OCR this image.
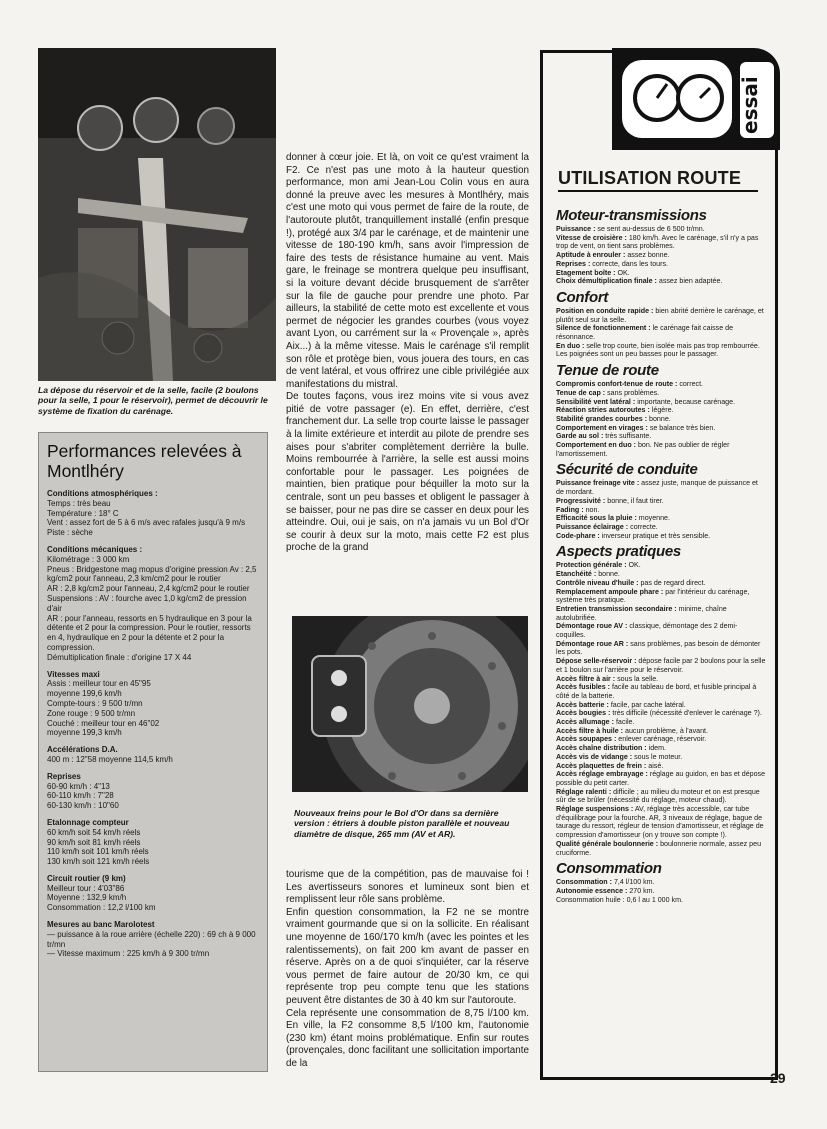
La dépose du réservoir et de la selle, facile (2 boulons pour la selle, 1 pour le réservoir), permet de découvrir le système de fixation du carénage.
Performances relevées à Montlhéry
Conditions atmosphériques :
Temps : très beau
Température : 18° C
Vent : assez fort de 5 à 6 m/s avec rafales jusqu'à 9 m/s
Piste : sèche
Conditions mécaniques :
Kilométrage : 3 000 km
Pneus : Bridgestone mag mopus d'origine pression Av : 2,5 kg/cm2 pour l'anneau, 2,3 km/cm2 pour le routier
AR : 2,8 kg/cm2 pour l'anneau, 2,4 kg/cm2 pour le routier
Suspensions : AV : fourche avec 1,0 kg/cm2 de pression d'air
AR : pour l'anneau, ressorts en 5 hydraulique en 3 pour la détente et 2 pour la compression. Pour le routier, ressorts en 4, hydraulique en 2 pour la détente et 2 pour la compression.
Démultiplication finale : d'origine 17 X 44
Vitesses maxi
Assis : meilleur tour en 45"95
moyenne 199,6 km/h
Compte-tours : 9 500 tr/mn
Zone rouge : 9 500 tr/mn
Couché : meilleur tour en 46"02
moyenne 199,3 km/h
Accélérations D.A.
400 m : 12"58 moyenne 114,5 km/h
Reprises
60-90 km/h : 4"13
60-110 km/h : 7"28
60-130 km/h : 10"60
Etalonnage compteur
60 km/h soit 54 km/h réels
90 km/h soit 81 km/h réels
110 km/h soit 101 km/h réels
130 km/h soit 121 km/h réels
Circuit routier (9 km)
Meilleur tour : 4'03"86
Moyenne : 132,9 km/h
Consommation : 12,2 l/100 km
Mesures au banc Marolotest
— puissance à la roue arrière (échelle 220) : 69 ch à 9 000 tr/mn
— Vitesse maximum : 225 km/h à 9 300 tr/mn

donner à cœur joie. Et là, on voit ce qu'est vraiment la F2. Ce n'est pas une moto à la hauteur question performance, mon ami Jean-Lou Colin vous en aura donné la preuve avec les mesures à Montlhéry, mais c'est une moto qui vous permet de faire de la route, de l'autoroute plutôt, tranquillement installé (enfin presque !), protégé aux 3/4 par le carénage, et de maintenir une vitesse de 180-190 km/h, sans avoir l'impression de faire des tests de résistance humaine au vent. Mais gare, le freinage se montrera quelque peu insuffisant, si la voiture devant décide brusquement de s'arrêter sur la file de gauche pour prendre une photo. Par ailleurs, la stabilité de cette moto est excellente et vous permet de négocier les grandes courbes (vous voyez avant Lyon, ou carrément sur la « Provençale », après Aix...) à la même vitesse. Mais le carénage s'il remplit son rôle et protège bien, vous jouera des tours, en cas de vent latéral, et vous offrirez une cible privilégiée aux manifestations du mistral.

De toutes façons, vous irez moins vite si vous avez pitié de votre passager (e). En effet, derrière, c'est franchement dur. La selle trop courte laisse le passager à la limite extérieure et interdit au pilote de prendre ses aises pour s'abriter complètement derrière la bulle. Moins rembourrée à l'arrière, la selle est aussi moins confortable pour le passager. Les poignées de maintien, bien pratique pour béquiller la moto sur la centrale, sont un peu basses et obligent le passager à se baisser, pour ne pas dire se casser en deux pour les atteindre. Oui, oui je sais, on n'a jamais vu un Bol d'Or se courir à deux sur la moto, mais cette F2 est plus proche de la grand

Nouveaux freins pour le Bol d'Or dans sa dernière version : étriers à double piston parallèle et nouveau diamètre de disque, 265 mm (AV et AR).

tourisme que de la compétition, pas de mauvaise foi ! Les avertisseurs sonores et lumineux sont bien et remplissent leur rôle sans problème.

Enfin question consommation, la F2 ne se montre vraiment gourmande que si on la sollicite. En réalisant une moyenne de 160/170 km/h (avec les pointes et les ralentissements), on fait 200 km avant de passer en réserve. Après on a de quoi s'inquiéter, car la réserve vous permet de faire autour de 20/30 km, ce qui représente trop peu compte tenu que les stations peuvent être distantes de 30 à 40 km sur l'autoroute.

Cela représente une consommation de 8,75 l/100 km. En ville, la F2 consomme 8,5 l/100 km, l'autonomie (230 km) étant moins problématique. Enfin sur routes (provençales, donc facilitant une sollicitation importante de la

essai
UTILISATION ROUTE
Moteur-transmissions

Puissance : se sent au-dessus de 6 500 tr/mn.

Vitesse de croisière : 180 km/h. Avec le carénage, s'il n'y a pas trop de vent, on tient sans problèmes.

Aptitude à enrouler : assez bonne.

Reprises : correcte, dans les tours.

Etagement boîte : OK.

Choix démultiplication finale : assez bien adaptée.

Confort

Position en conduite rapide : bien abrité derrière le carénage, et plutôt seul sur la selle.

Silence de fonctionnement : le carénage fait caisse de résonnance.

En duo : selle trop courte, bien isolée mais pas trop rembourrée. Les poignées sont un peu basses pour le passager.

Tenue de route

Compromis confort-tenue de route : correct.

Tenue de cap : sans problèmes.

Sensibilité vent latéral : importante, because carénage.

Réaction stries autoroutes : légère.

Stabilité grandes courbes : bonne.

Comportement en virages : se balance très bien.

Garde au sol : très suffisante.

Comportement en duo : bon. Ne pas oublier de régler l'amortissement.

Sécurité de conduite

Puissance freinage vite : assez juste, manque de puissance et de mordant.

Progressivité : bonne, il faut tirer.

Fading : non.

Efficacité sous la pluie : moyenne.

Puissance éclairage : correcte.

Code-phare : inverseur pratique et très sensible.

Aspects pratiques

Protection générale : OK.

Etanchéité : bonne.

Contrôle niveau d'huile : pas de regard direct.

Remplacement ampoule phare : par l'intérieur du carénage, système très pratique.

Entretien transmission secondaire : minime, chaîne autolubrifiée.

Démontage roue AV : classique, démontage des 2 demi-coquilles.

Démontage roue AR : sans problèmes, pas besoin de démonter les pots.

Dépose selle-réservoir : dépose facile par 2 boulons pour la selle et 1 boulon sur l'arrière pour le réservoir.

Accès filtre à air : sous la selle.

Accès fusibles : facile au tableau de bord, et fusible principal à côté de la batterie.

Accès batterie : facile, par cache latéral.

Accès bougies : très difficile (nécessité d'enlever le carénage ?).

Accès allumage : facile.

Accès filtre à huile : aucun problème, à l'avant.

Accès soupapes : enlever carénage, réservoir.

Accès chaîne distribution : idem.

Accès vis de vidange : sous le moteur.

Accès plaquettes de frein : aisé.

Accès réglage embrayage : réglage au guidon, en bas et dépose possible du petit carter.

Réglage ralenti : difficile ; au milieu du moteur et on est presque sûr de se brûler (nécessité du réglage, moteur chaud).

Réglage suspensions : AV, réglage très accessible, car tube d'équilibrage pour la fourche. AR, 3 niveaux de réglage, bague de taurage du ressort, régleur de tension d'amortisseur, et réglage de compression d'amortisseur (on y trouve son compte !).

Qualité générale boulonnerie : boulonnerie normale, assez peu cruciforme.

Consommation

Consommation : 7,4 l/100 km.

Autonomie essence : 270 km.

Consommation huile : 0,6 l au 1 000 km.

29
